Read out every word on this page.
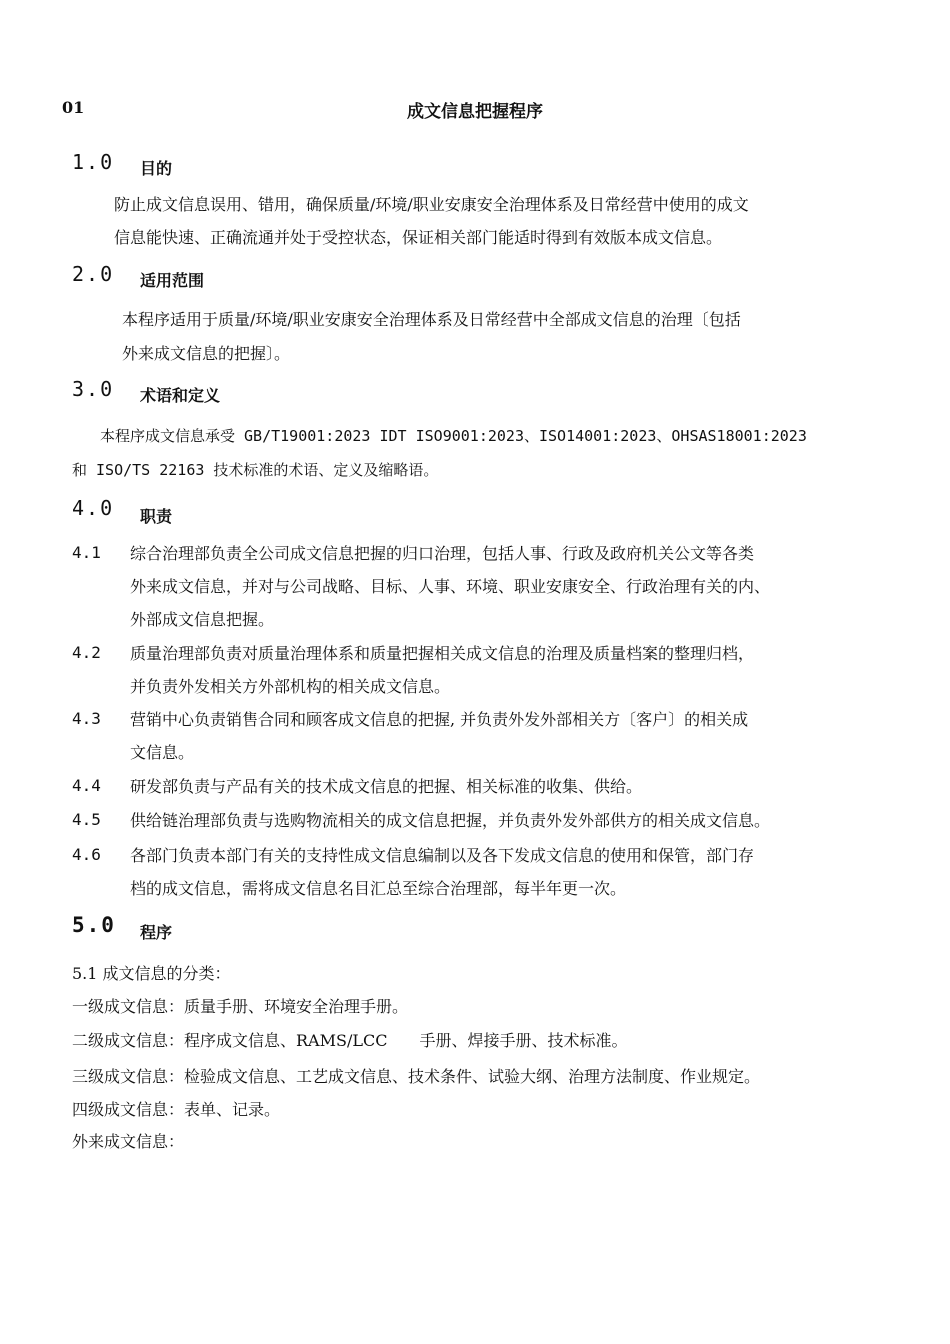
01	成文信息把握程序
1.0 目的
防止成文信息误用、错用，确保质量/环境/职业安康安全治理体系及日常经营中使用的成文
信息能快速、正确流通并处于受控状态，保证相关部门能适时得到有效版本成文信息。
2.0 适用范围
本程序适用于质量/环境/职业安康安全治理体系及日常经营中全部成文信息的治理〔包括
外来成文信息的把握〕。
3.0 术语和定义
本程序成文信息承受 GB/T19001:2023 IDT ISO9001:2023、ISO14001:2023、OHSAS18001:2023
和 ISO/TS 22163 技术标准的术语、定义及缩略语。
4.0 职责
4.1 综合治理部负责全公司成文信息把握的归口治理，包括人事、行政及政府机关公文等各类
外来成文信息，并对与公司战略、目标、人事、环境、职业安康安全、行政治理有关的内、
外部成文信息把握。
4.2 质量治理部负责对质量治理体系和质量把握相关成文信息的治理及质量档案的整理归档，
并负责外发相关方外部机构的相关成文信息。
4.3 营销中心负责销售合同和顾客成文信息的把握, 并负责外发外部相关方〔客户〕的相关成
文信息。
4.4 研发部负责与产品有关的技术成文信息的把握、相关标准的收集、供给。
4.5 供给链治理部负责与选购物流相关的成文信息把握，并负责外发外部供方的相关成文信息。
4.6 各部门负责本部门有关的支持性成文信息编制以及各下发成文信息的使用和保管，部门存
档的成文信息，需将成文信息名目汇总至综合治理部，每半年更一次。
5.0 程序
5.1 成文信息的分类：
一级成文信息：质量手册、环境安全治理手册。
二级成文信息：程序成文信息、RAMS/LCC　　手册、焊接手册、技术标准。
三级成文信息：检验成文信息、工艺成文信息、技术条件、试验大纲、治理方法制度、作业规定。
四级成文信息：表单、记录。
外来成文信息：
